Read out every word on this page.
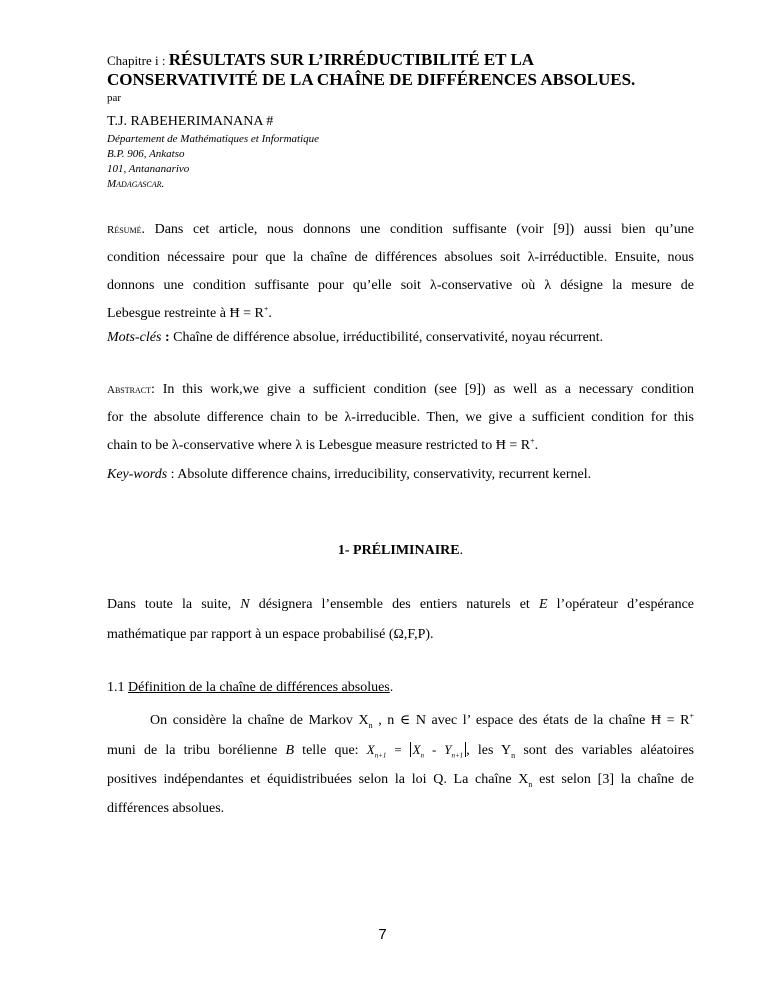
Chapitre i : RÉSULTATS SUR L’IRRÉDUCTIBILITÉ ET LA
CONSERVATIVITÉ DE LA CHAÎNE DE DIFFÉRENCES ABSOLUES.
par
T.J. RABEHERIMANANA #
Département de Mathématiques et Informatique
B.P. 906, Ankatso
101, Antananarivo
Madagascar.
Résumé. Dans cet article, nous donnons une condition suffisante (voir [9]) aussi bien qu’une
condition nécessaire pour que la chaîne de différences absolues soit λ-irréductible. Ensuite, nous
donnons une condition suffisante pour qu’elle soit λ-conservative où λ désigne la mesure de
Lebesgue restreinte à Ħ = R+.
Mots-clés : Chaîne de différence absolue, irréductibilité, conservativité, noyau récurrent.
Abstract: In this work,we give a sufficient condition (see [9]) as well as a necessary condition
for the absolute difference chain to be λ-irreducible. Then, we give a sufficient condition for this
chain to be λ-conservative where λ is Lebesgue measure restricted to Ħ = R+.
Key-words : Absolute difference chains, irreducibility, conservativity, recurrent kernel.
1- PRÉLIMINAIRE.
Dans toute la suite, N désignera l’ensemble des entiers naturels et E l’opérateur d’espérance
mathématique par rapport à un espace probabilisé (Ω,F,P).
1.1 Définition de la chaîne de différences absolues.
On considère la chaîne de Markov $X_n$ , n ∈ N avec l’ espace des états de la chaîne Ħ = R+
muni de la tribu borélienne B telle que: $X_{n+1} = X_n - Y_{n+1}$ , les $Y_n$ sont des variables aléatoires
positives indépendantes et équidistribuées selon la loi Q. La chaîne $X_n$ est selon [3] la chaîne de
différences absolues.
7
